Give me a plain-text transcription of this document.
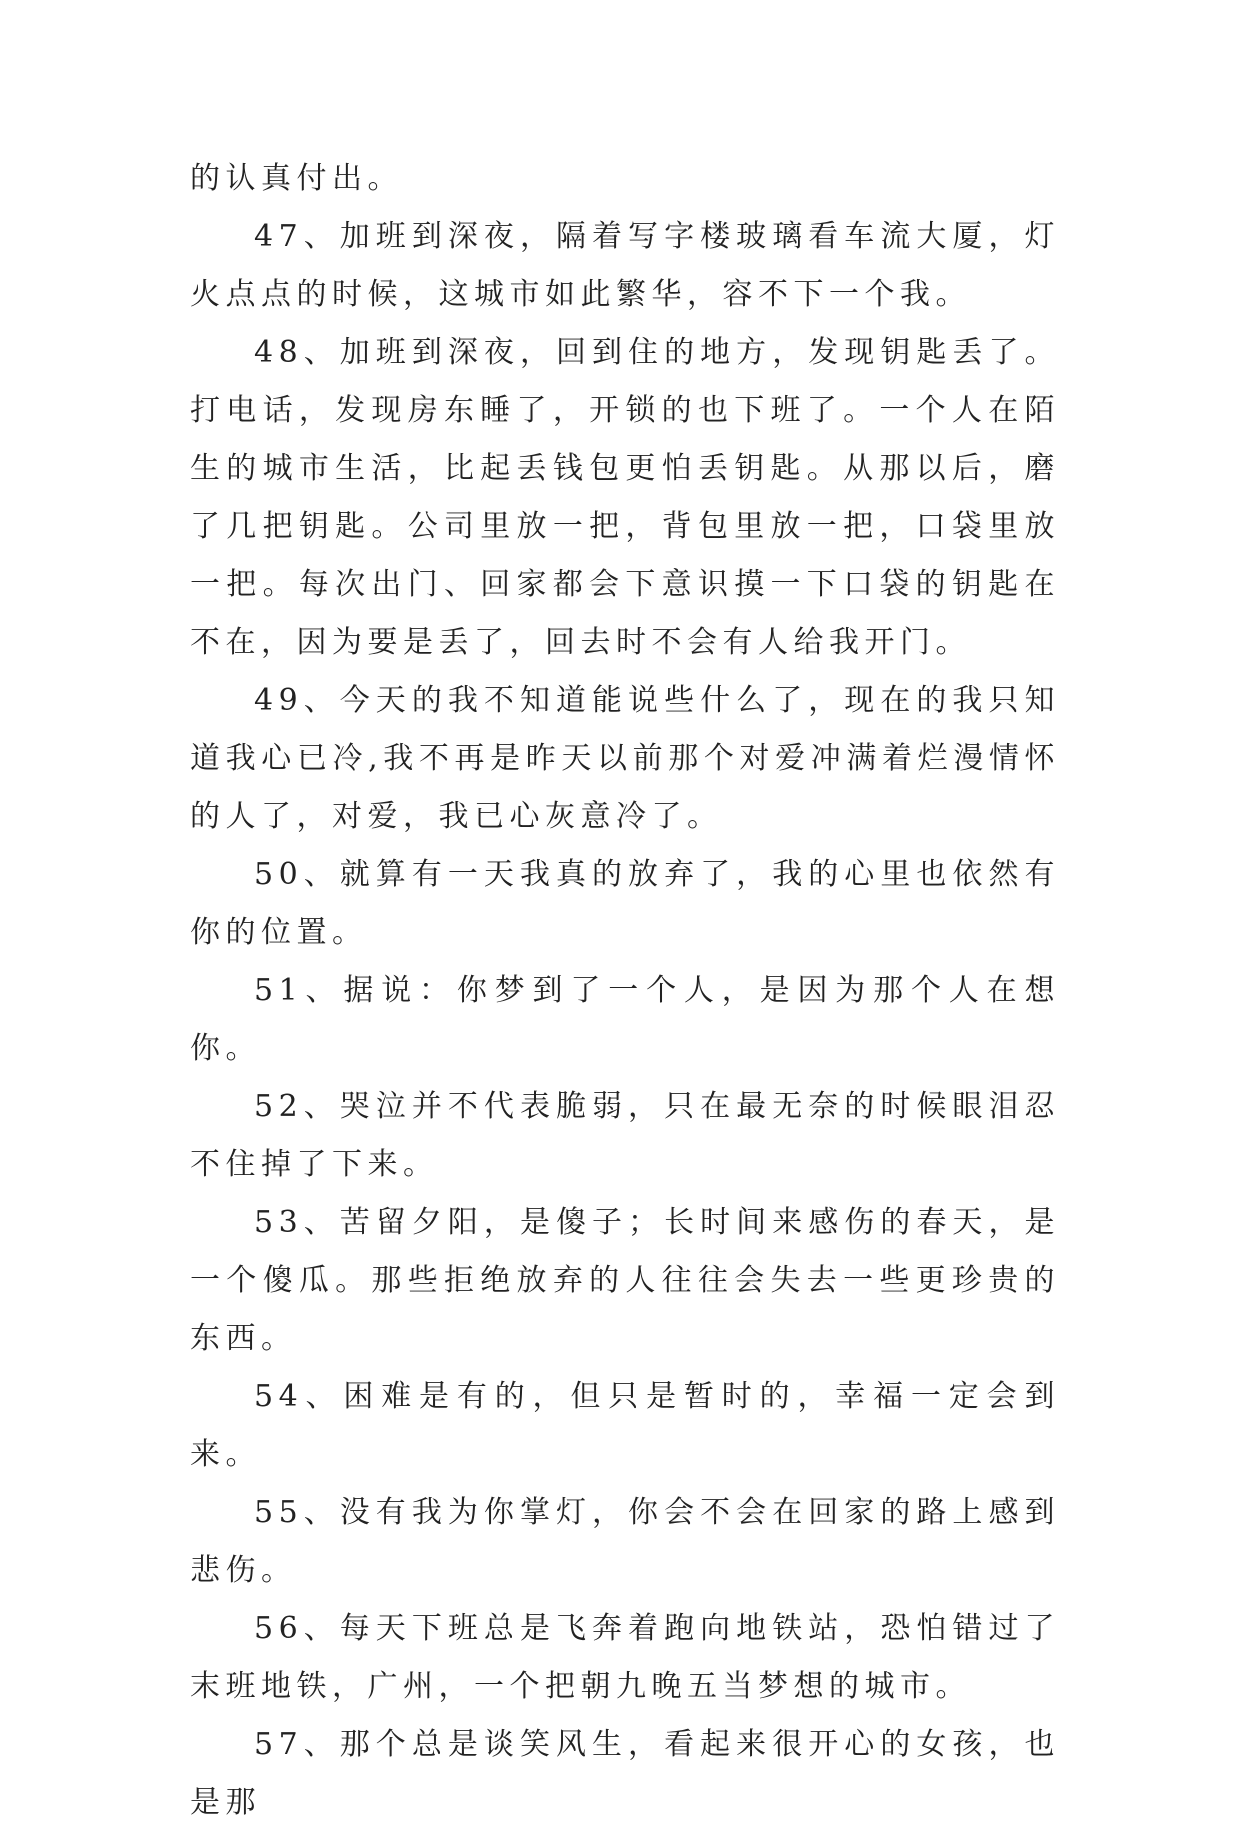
的认真付出。

47、加班到深夜，隔着写字楼玻璃看车流大厦，灯火点点的时候，这城市如此繁华，容不下一个我。

48、加班到深夜，回到住的地方，发现钥匙丢了。打电话，发现房东睡了，开锁的也下班了。一个人在陌生的城市生活，比起丢钱包更怕丢钥匙。从那以后，磨了几把钥匙。公司里放一把，背包里放一把，口袋里放一把。每次出门、回家都会下意识摸一下口袋的钥匙在不在，因为要是丢了，回去时不会有人给我开门。

49、今天的我不知道能说些什么了，现在的我只知道我心已冷,我不再是昨天以前那个对爱冲满着烂漫情怀的人了，对爱，我已心灰意冷了。

50、就算有一天我真的放弃了，我的心里也依然有你的位置。

51、据说：你梦到了一个人，是因为那个人在想你。

52、哭泣并不代表脆弱，只在最无奈的时候眼泪忍不住掉了下来。

53、苦留夕阳，是傻子；长时间来感伤的春天，是一个傻瓜。那些拒绝放弃的人往往会失去一些更珍贵的东西。

54、困难是有的，但只是暂时的，幸福一定会到来。

55、没有我为你掌灯，你会不会在回家的路上感到悲伤。

56、每天下班总是飞奔着跑向地铁站，恐怕错过了末班地铁，广州，一个把朝九晚五当梦想的城市。

57、那个总是谈笑风生，看起来很开心的女孩，也是那
